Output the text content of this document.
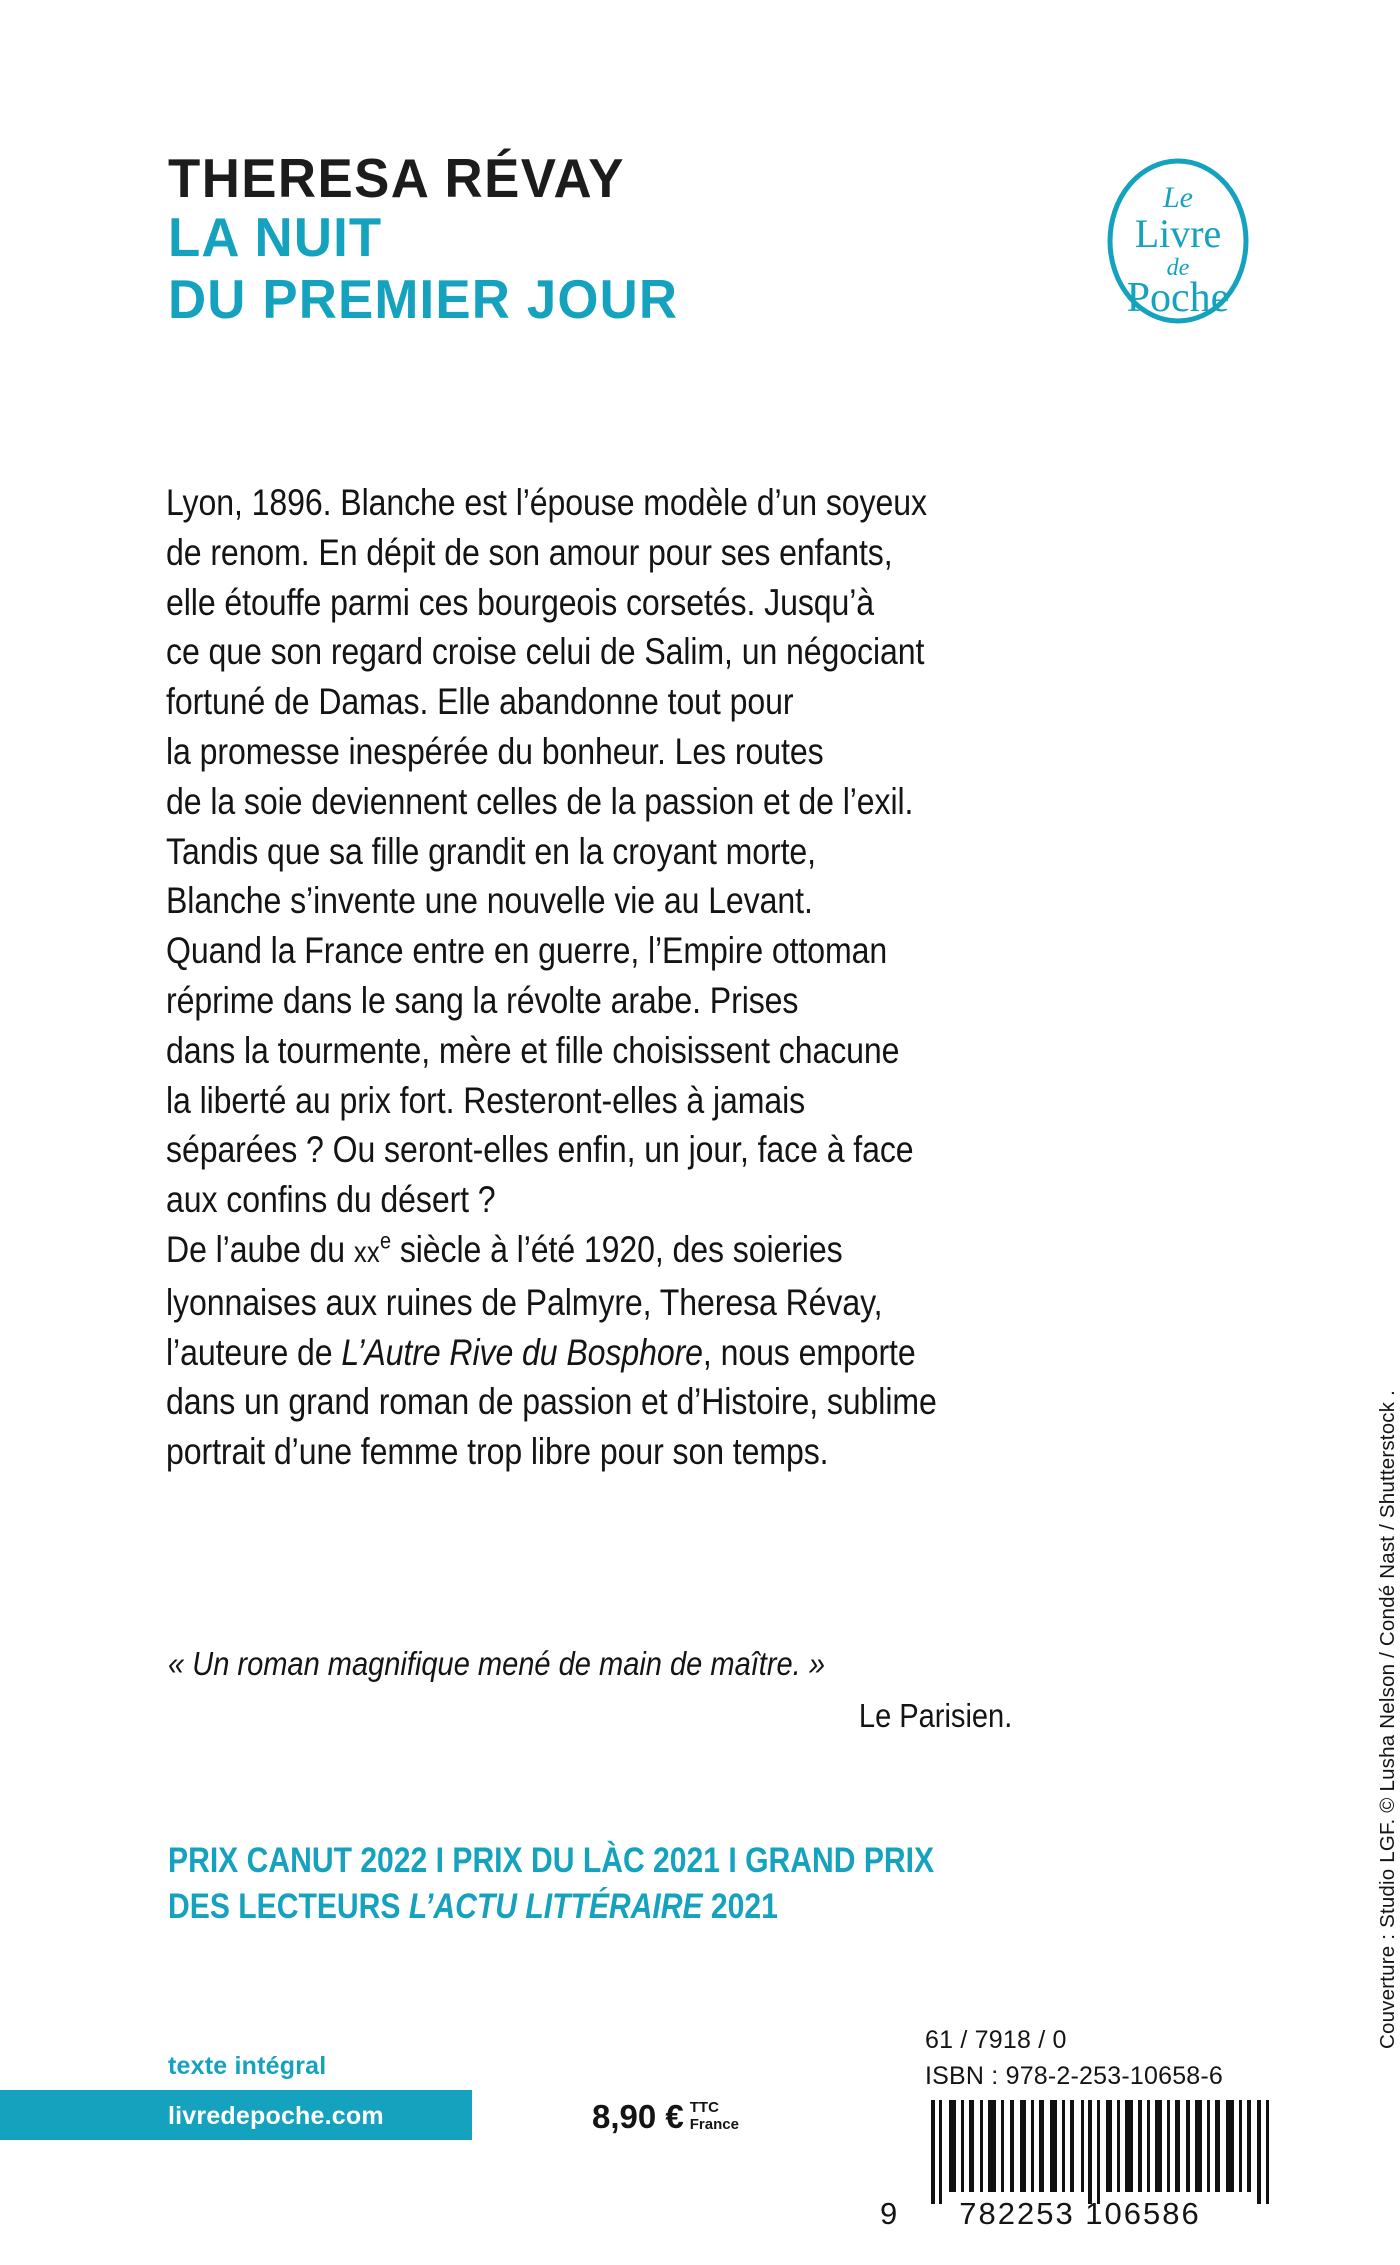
THERESA RÉVAY
LA NUIT
DU PREMIER JOUR
Le
Livre
de
Poche
Lyon, 1896. Blanche est l’épouse modèle d’un soyeux
de renom. En dépit de son amour pour ses enfants,
elle étouffe parmi ces bourgeois corsetés. Jusqu’à
ce que son regard croise celui de Salim, un négociant
fortuné de Damas. Elle abandonne tout pour
la promesse inespérée du bonheur. Les routes
de la soie deviennent celles de la passion et de l’exil.
Tandis que sa fille grandit en la croyant morte,
Blanche s’invente une nouvelle vie au Levant.
Quand la France entre en guerre, l’Empire ottoman
réprime dans le sang la révolte arabe. Prises
dans la tourmente, mère et fille choisissent chacune
la liberté au prix fort. Resteront-elles à jamais
séparées ? Ou seront-elles enfin, un jour, face à face
aux confins du désert ?
De l’aube du $xx^e$ siècle à l’été 1920, des soieries
lyonnaises aux ruines de Palmyre, Theresa Révay,
l’auteure de L’Autre Rive du Bosphore, nous emporte
dans un grand roman de passion et d’Histoire, sublime
portrait d’une femme trop libre pour son temps.
« Un roman magnifique mené de main de maître. »
Le Parisien.
PRIX CANUT 2022 I PRIX DU LÀC 2021 I GRAND PRIX
DES LECTEURS L’ACTU LITTÉRAIRE 2021
texte intégral
livredepoche.com	8,90 € TTC
France
61 / 7918 / 0
ISBN : 978-2-253-10658-6
9 782253 106586
Couverture : Studio LGF. © Lusha Nelson / Condé Nast / Shutterstock .
